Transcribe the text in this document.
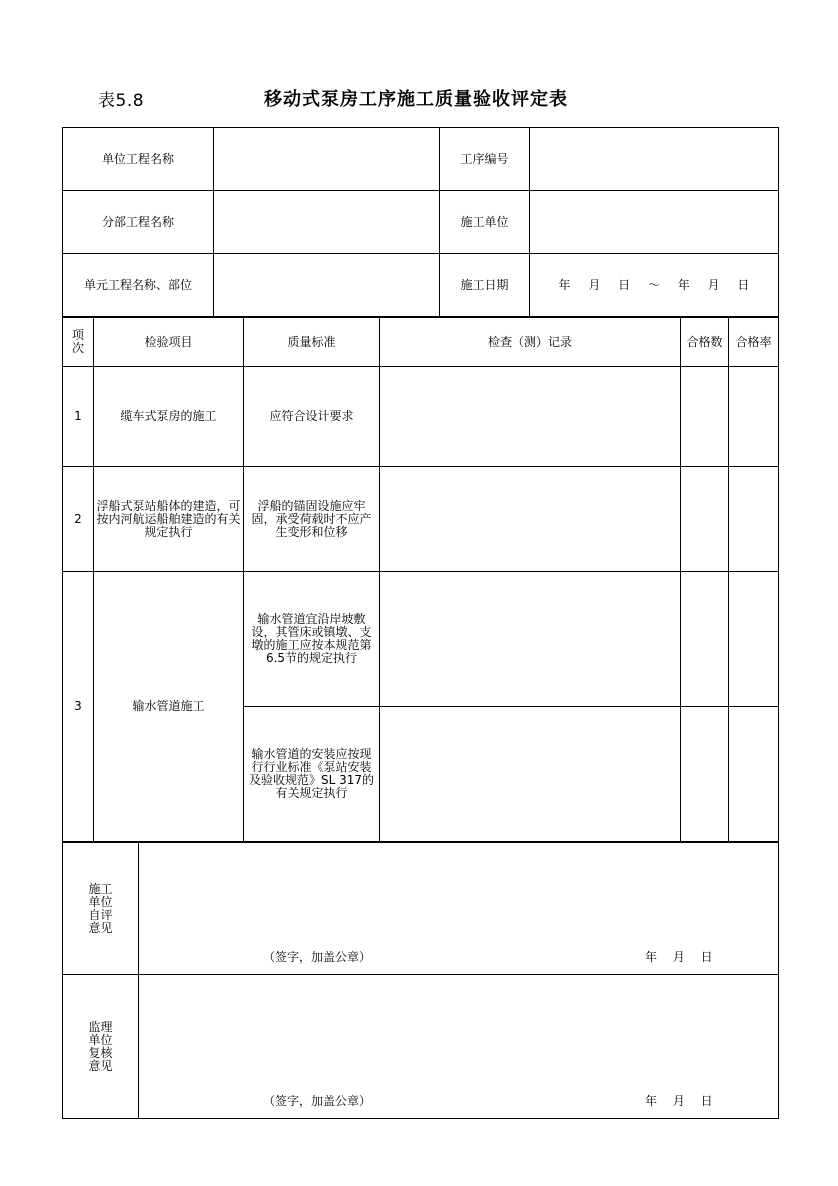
表5.8	移动式泵房工序施工质量验收评定表
单位工程名称		工序编号	
分部工程名称		施工单位	
单元工程名称、部位		施工日期	年 月 日 ～ 年 月 日
项次	检验项目	质量标准	检查（测）记录	合格数	合格率
1	缆车式泵房的施工	应符合设计要求			
2	浮船式泵站船体的建造，可按内河航运船舶建造的有关规定执行	浮船的锚固设施应牢固，承受荷载时不应产生变形和位移			
3	输水管道施工	输水管道宜沿岸坡敷设，其管床或镇墩、支墩的施工应按本规范第6.5节的规定执行			
		输水管道的安装应按现行行业标准《泵站安装及验收规范》SL 317的有关规定执行			
施工单位自评意见	（签字，加盖公章） 年 月 日

监理单位复核意见	（签字，加盖公章） 年 月 日
